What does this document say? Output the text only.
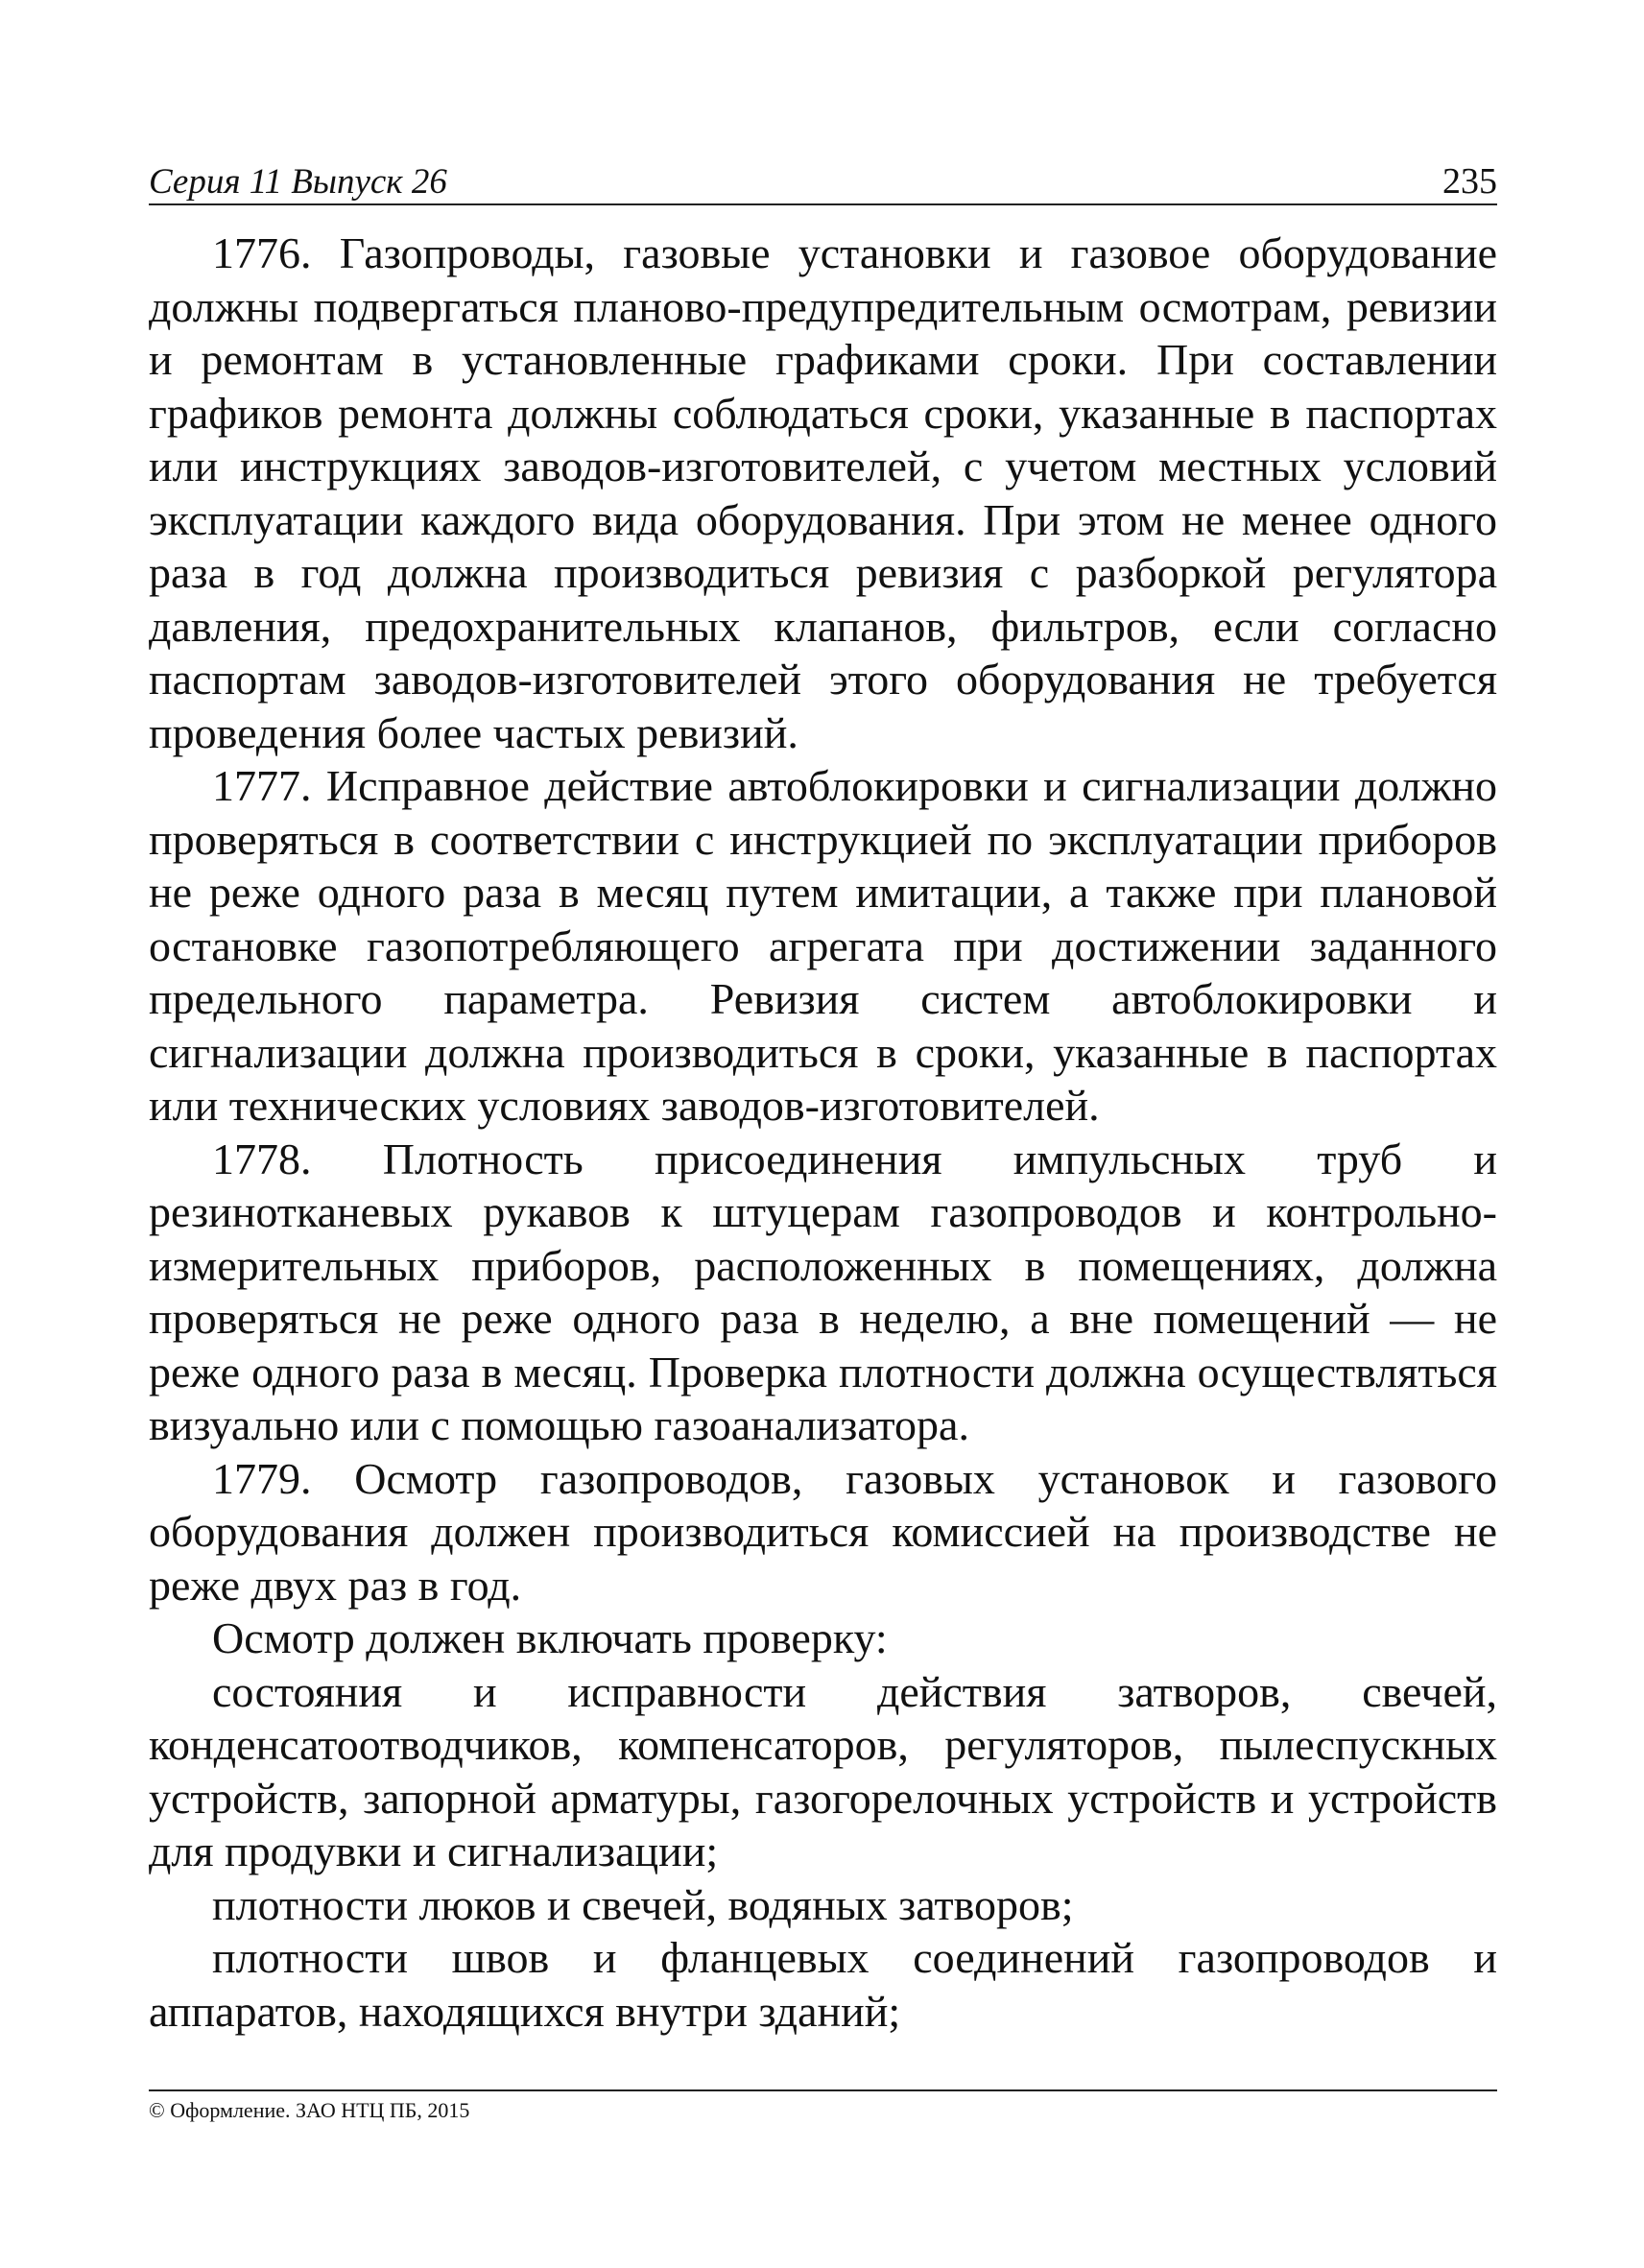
Серия 11 Выпуск 26	235

1776. Газопроводы, газовые установки и газовое оборудование должны подвергаться планово-предупредительным осмотрам, ревизии и ремонтам в установленные графиками сроки. При составлении графиков ремонта должны соблюдаться сроки, указанные в паспортах или инструкциях заводов-изготовителей, с учетом местных условий эксплуатации каждого вида оборудования. При этом не менее одного раза в год должна производиться ревизия с разборкой регулятора давления, предохранительных клапанов, фильтров, если согласно паспортам заводов-изготовителей этого оборудования не требуется проведения более частых ревизий.

1777. Исправное действие автоблокировки и сигнализации должно проверяться в соответствии с инструкцией по эксплуатации приборов не реже одного раза в месяц путем имитации, а также при плановой остановке газопотребляющего агрегата при достижении заданного предельного параметра. Ревизия систем автоблокировки и сигнализации должна производиться в сроки, указанные в паспортах или технических условиях заводов-изготовителей.

1778. Плотность присоединения импульсных труб и резинотканевых рукавов к штуцерам газопроводов и контрольно-измерительных приборов, расположенных в помещениях, должна проверяться не реже одного раза в неделю, а вне помещений — не реже одного раза в месяц. Проверка плотности должна осуществляться визуально или с помощью газоанализатора.

1779. Осмотр газопроводов, газовых установок и газового оборудования должен производиться комиссией на производстве не реже двух раз в год.

Осмотр должен включать проверку:

состояния и исправности действия затворов, свечей, конденсатоотводчиков, компенсаторов, регуляторов, пылеспускных устройств, запорной арматуры, газогорелочных устройств и устройств для продувки и сигнализации;

плотности люков и свечей, водяных затворов;

плотности швов и фланцевых соединений газопроводов и аппаратов, находящихся внутри зданий;

© Оформление. ЗАО НТЦ ПБ, 2015
